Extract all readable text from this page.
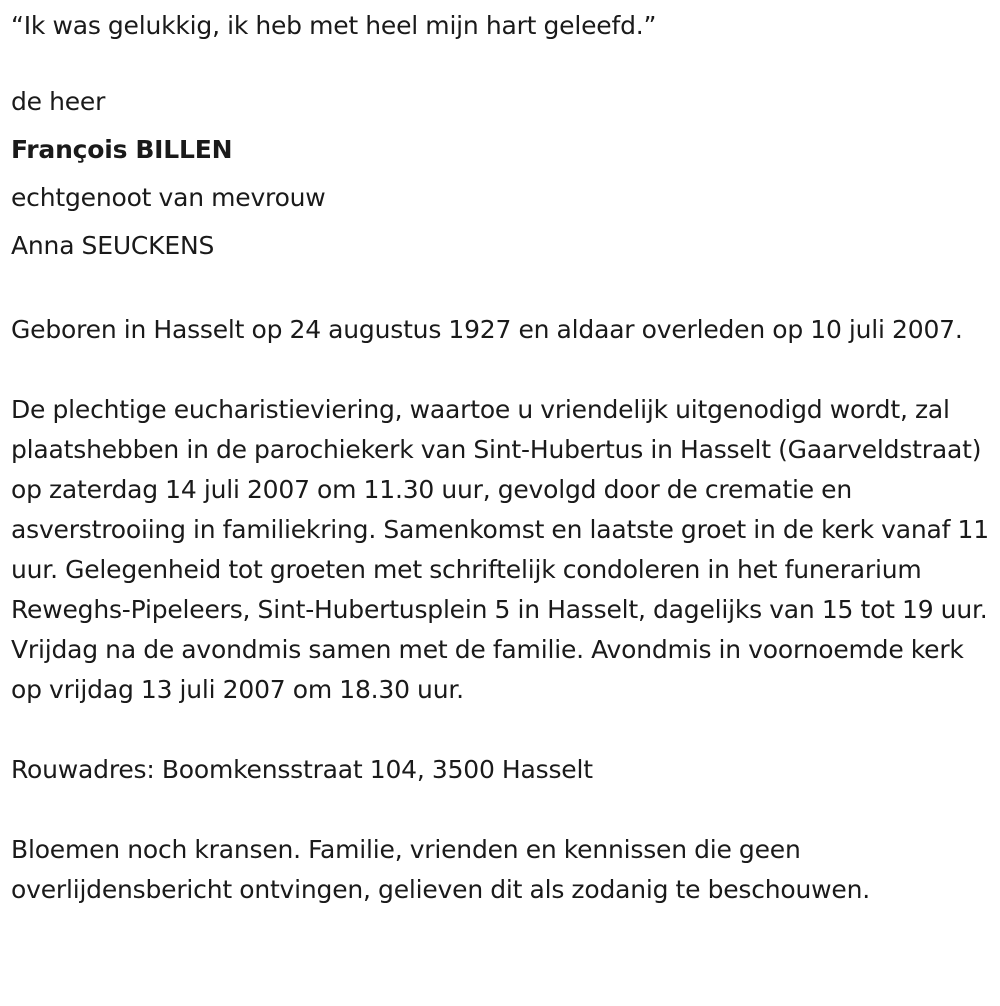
“Ik was gelukkig, ik heb met heel mijn hart geleefd.”

de heer

François BILLEN

echtgenoot van mevrouw

Anna SEUCKENS

Geboren in Hasselt op 24 augustus 1927 en aldaar overleden op 10 juli 2007.

De plechtige eucharistieviering, waartoe u vriendelijk uitgenodigd wordt, zal plaatshebben in de parochiekerk van Sint-Hubertus in Hasselt (Gaarveldstraat) op zaterdag 14 juli 2007 om 11.30 uur, gevolgd door de crematie en asverstrooiing in familiekring. Samenkomst en laatste groet in de kerk vanaf 11 uur. Gelegenheid tot groeten met schriftelijk condoleren in het funerarium Reweghs-Pipeleers, Sint-Hubertusplein 5 in Hasselt, dagelijks van 15 tot 19 uur. Vrijdag na de avondmis samen met de familie. Avondmis in voornoemde kerk op vrijdag 13 juli 2007 om 18.30 uur.

Rouwadres: Boomkensstraat 104, 3500 Hasselt

Bloemen noch kransen. Familie, vrienden en kennissen die geen overlijdensbericht ontvingen, gelieven dit als zodanig te beschouwen.
